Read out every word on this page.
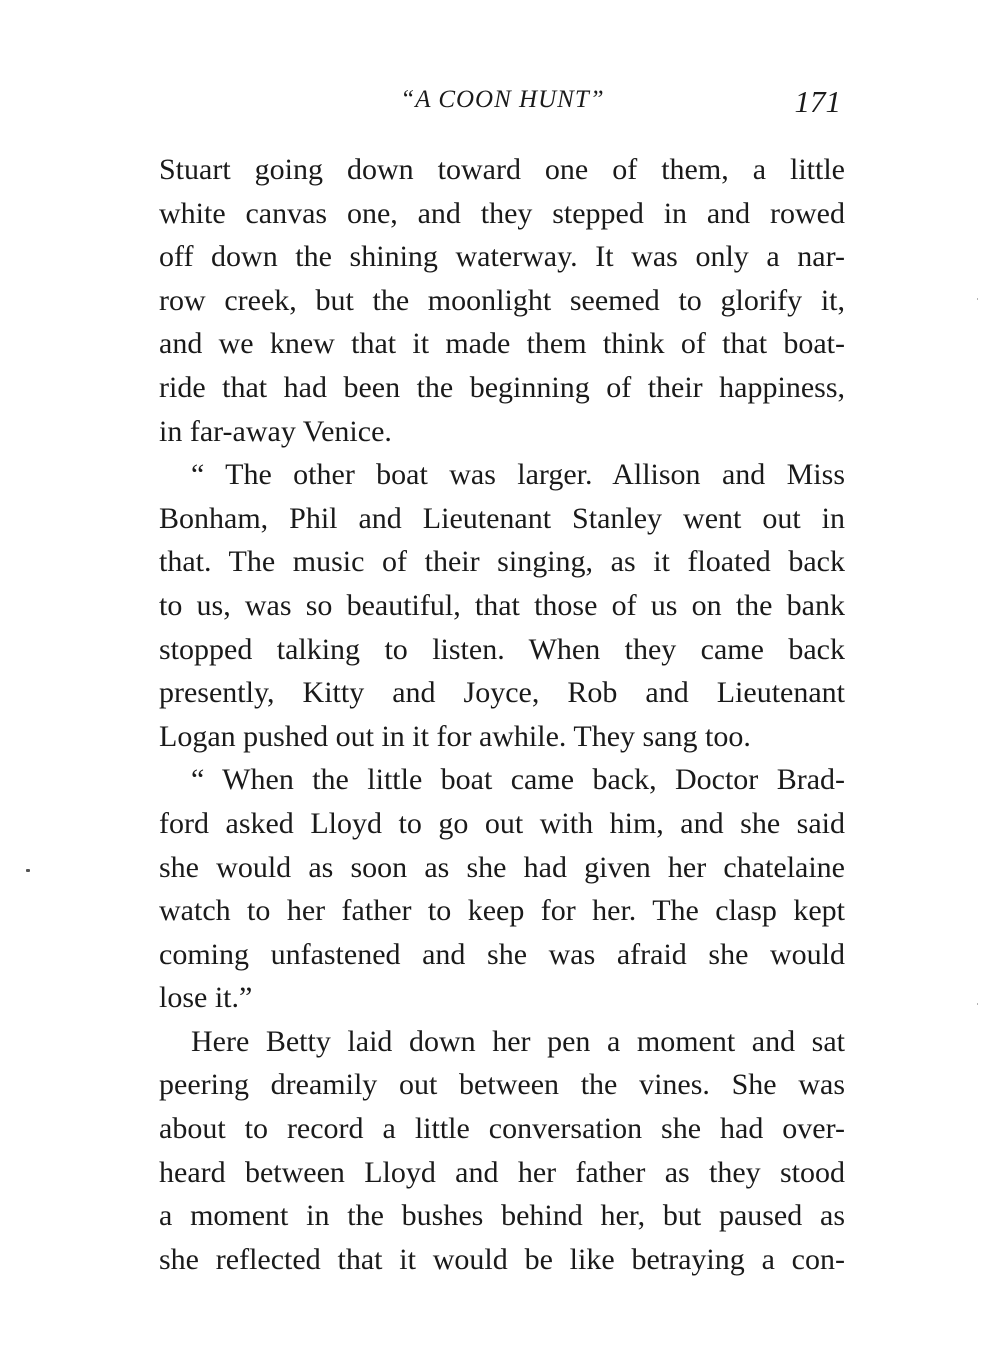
“A COON HUNT”	171
Stuart going down toward one of them, a little
white canvas one, and they stepped in and rowed
off down the shining waterway. It was only a nar-
row creek, but the moonlight seemed to glorify it,
and we knew that it made them think of that boat-
ride that had been the beginning of their happiness,
in far-away Venice.
“ The other boat was larger. Allison and Miss
Bonham, Phil and Lieutenant Stanley went out in
that. The music of their singing, as it floated back
to us, was so beautiful, that those of us on the bank
stopped talking to listen. When they came back
presently, Kitty and Joyce, Rob and Lieutenant
Logan pushed out in it for awhile. They sang too.
“ When the little boat came back, Doctor Brad-
ford asked Lloyd to go out with him, and she said
she would as soon as she had given her chatelaine
watch to her father to keep for her. The clasp kept
coming unfastened and she was afraid she would
lose it.”
Here Betty laid down her pen a moment and sat
peering dreamily out between the vines. She was
about to record a little conversation she had over-
heard between Lloyd and her father as they stood
a moment in the bushes behind her, but paused as
she reflected that it would be like betraying a con-
